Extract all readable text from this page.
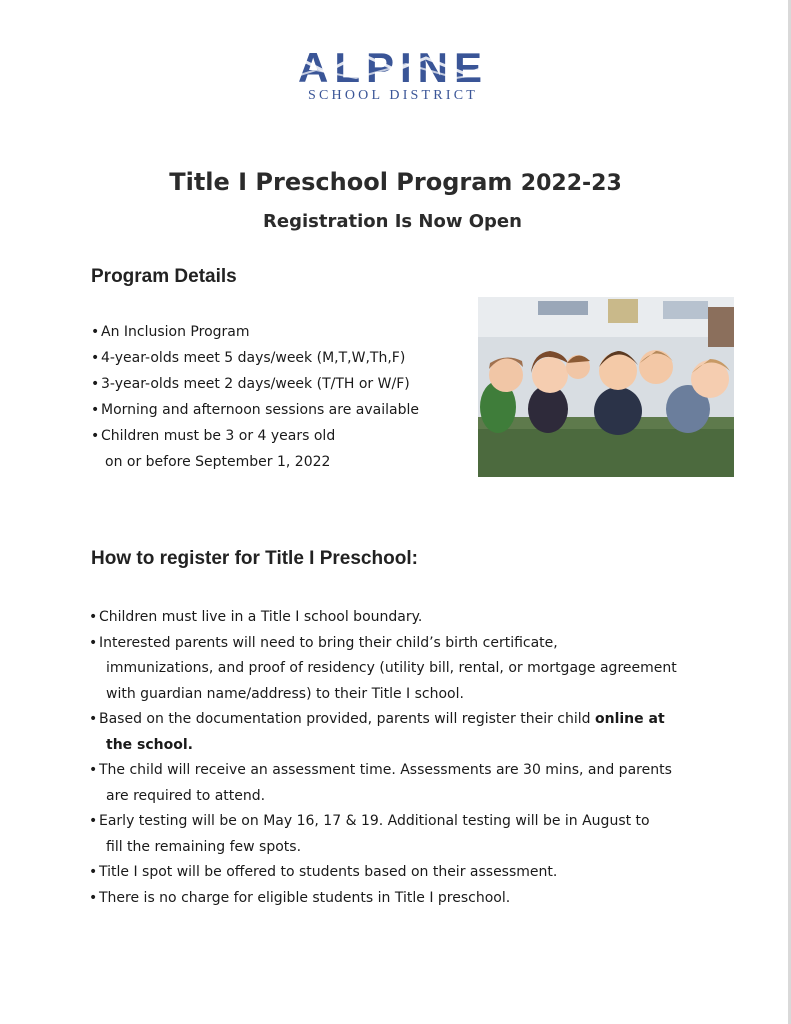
ALPINE
SCHOOL DISTRICT
Title I Preschool Program 2022-23
Registration Is Now Open
Program Details
• An Inclusion Program
• 4-year-olds meet 5 days/week (M,T,W,Th,F)
• 3-year-olds meet 2 days/week (T/TH or W/F)
• Morning and afternoon sessions are available
• Children must be 3 or 4 years old
on or before September 1, 2022
How to register for Title I Preschool:
• Children must live in a Title I school boundary.
• Interested parents will need to bring their child’s birth certificate,
immunizations, and proof of residency (utility bill, rental, or mortgage agreement
with guardian name/address) to their Title I school.
• Based on the documentation provided, parents will register their child online at
the school.
• The child will receive an assessment time. Assessments are 30 mins, and parents
are required to attend.
• Early testing will be on May 16, 17 & 19. Additional testing will be in August to
fill the remaining few spots.
• Title I spot will be offered to students based on their assessment.
• There is no charge for eligible students in Title I preschool.
